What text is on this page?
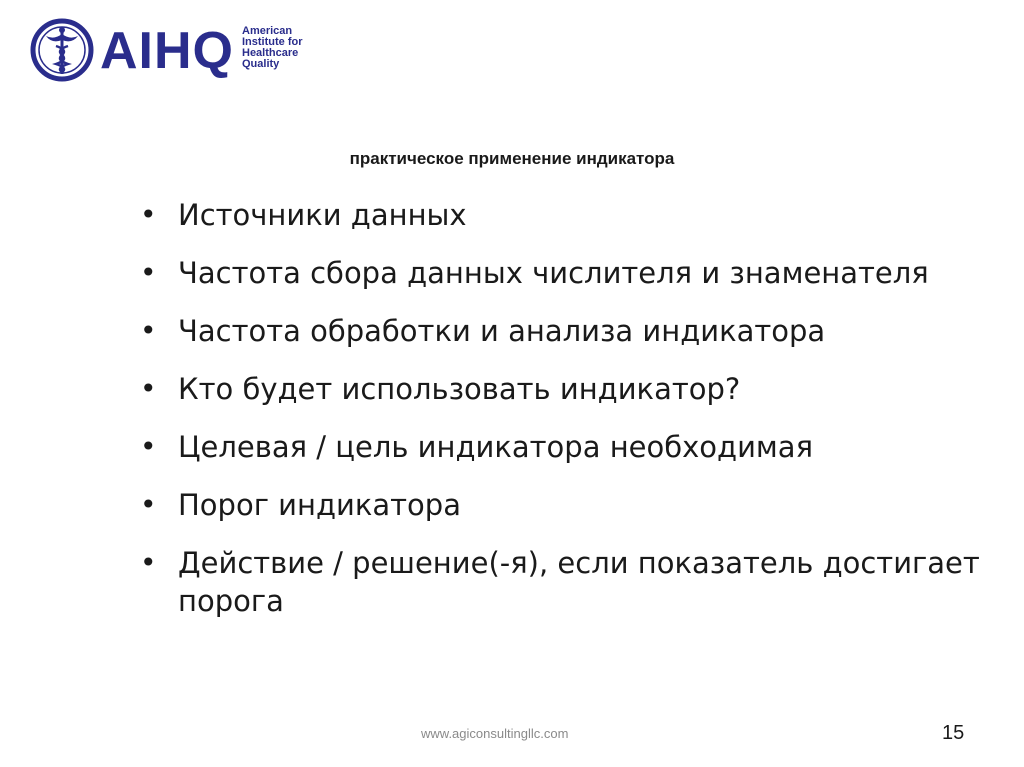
AIHQ American
Institute for
Healthcare
Quality
практическое применение индикатора
• Источники данных
• Частота сбора данных числителя и знаменателя
• Частота обработки и анализа индикатора
• Кто будет использовать индикатор?
• Целевая / цель индикатора необходимая
• Порог индикатора
• Действие / решение(-я), если показатель достигает порога
www.agiconsultingllc.com	15
